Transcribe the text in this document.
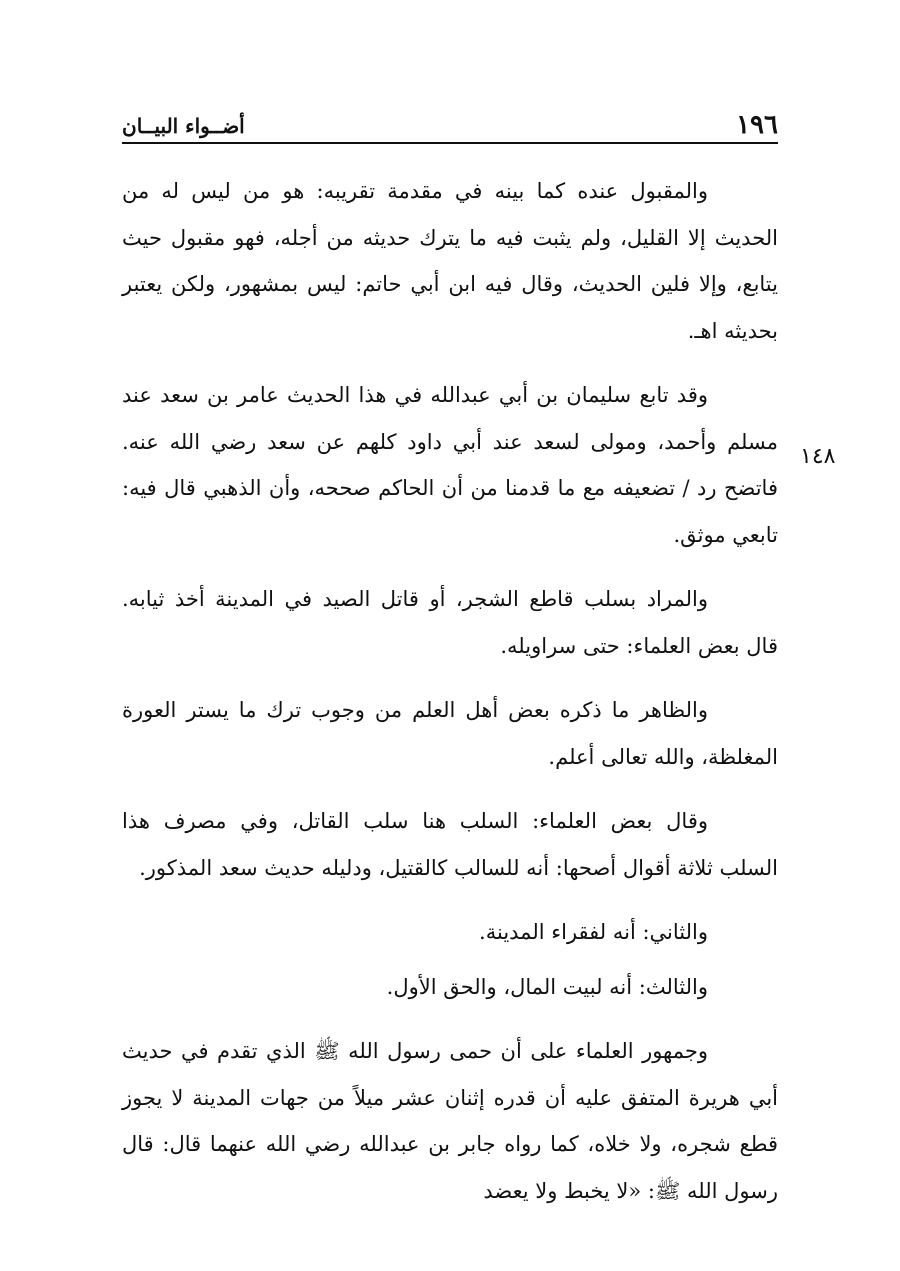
١٩٦
أضــواء البيــان
١٤٨

والمقبول عنده كما بينه في مقدمة تقريبه: هو من ليس له من الحديث إلا القليل، ولم يثبت فيه ما يترك حديثه من أجله، فهو مقبول حيث يتابع، وإلا فلين الحديث، وقال فيه ابن أبي حاتم: ليس بمشهور، ولكن يعتبر بحديثه اهـ.

وقد تابع سليمان بن أبي عبدالله في هذا الحديث عامر بن سعد عند مسلم وأحمد، ومولى لسعد عند أبي داود كلهم عن سعد رضي الله عنه. فاتضح رد / تضعيفه مع ما قدمنا من أن الحاكم صححه، وأن الذهبي قال فيه: تابعي موثق.

والمراد بسلب قاطع الشجر، أو قاتل الصيد في المدينة أخذ ثيابه. قال بعض العلماء: حتى سراويله.

والظاهر ما ذكره بعض أهل العلم من وجوب ترك ما يستر العورة المغلظة، والله تعالى أعلم.

وقال بعض العلماء: السلب هنا سلب القاتل، وفي مصرف هذا السلب ثلاثة أقوال أصحها: أنه للسالب كالقتيل، ودليله حديث سعد المذكور.

والثاني: أنه لفقراء المدينة.

والثالث: أنه لبيت المال، والحق الأول.

وجمهور العلماء على أن حمى رسول الله ﷺ الذي تقدم في حديث أبي هريرة المتفق عليه أن قدره إثنان عشر ميلاً من جهات المدينة لا يجوز قطع شجره، ولا خلاه، كما رواه جابر بن عبدالله رضي الله عنهما قال: قال رسول الله ﷺ: «لا يخبط ولا يعضد
